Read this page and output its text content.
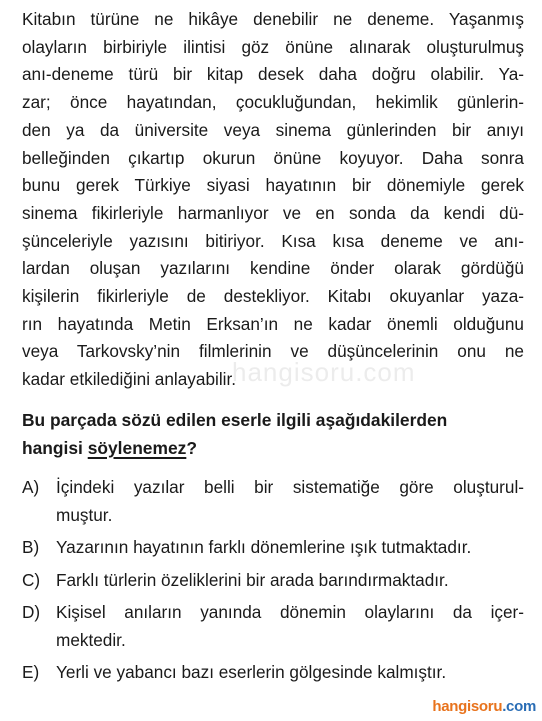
Kitabın türüne ne hikâye denebilir ne deneme. Yaşanmış
olayların birbiriyle ilintisi göz önüne alınarak oluşturulmuş
anı-deneme türü bir kitap desek daha doğru olabilir. Ya-
zar; önce hayatından, çocukluğundan, hekimlik günlerin-
den ya da üniversite veya sinema günlerinden bir anıyı
belleğinden çıkartıp okurun önüne koyuyor. Daha sonra
bunu gerek Türkiye siyasi hayatının bir dönemiyle gerek
sinema fikirleriyle harmanlıyor ve en sonda da kendi dü-
şünceleriyle yazısını bitiriyor. Kısa kısa deneme ve anı-
lardan oluşan yazılarını kendine önder olarak gördüğü
kişilerin fikirleriyle de destekliyor. Kitabı okuyanlar yaza-
rın hayatında Metin Erksan’ın ne kadar önemli olduğunu
veya Tarkovsky’nin filmlerinin ve düşüncelerinin onu ne
kadar etkilediğini anlayabilir.
hangisoru.com
Bu parçada sözü edilen eserle ilgili aşağıdakilerden
hangisi söylenemez?
A) İçindeki yazılar belli bir sistematiğe göre oluşturul-
muştur.
B) Yazarının hayatının farklı dönemlerine ışık tutmaktadır.
C) Farklı türlerin özeliklerini bir arada barındırmaktadır.
D) Kişisel anıların yanında dönemin olaylarını da içer-
mektedir.
E) Yerli ve yabancı bazı eserlerin gölgesinde kalmıştır.
hangisoru.com
